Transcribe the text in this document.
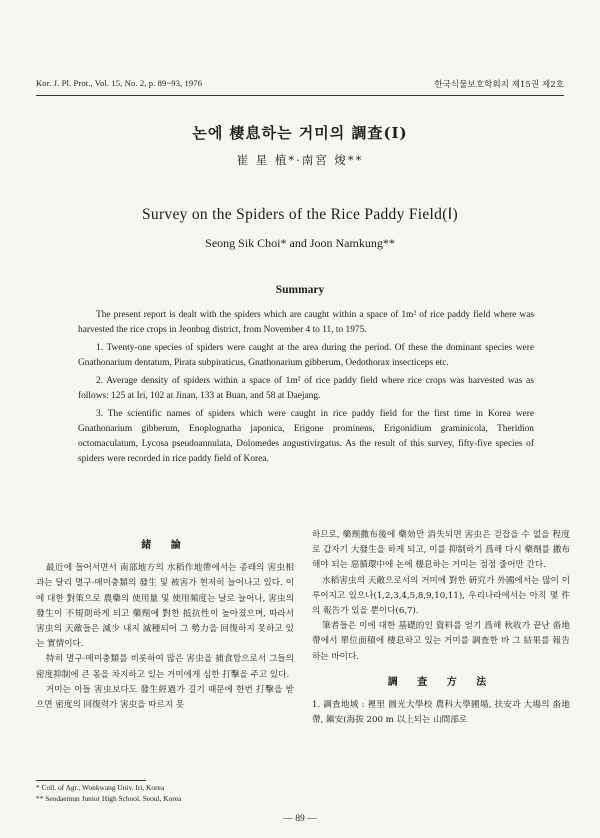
Kor. J. Pl. Prot., Vol. 15, No. 2, p. 89~93, 1976	한국식물보호학회지 제15권 제2호
논에 棲息하는 거미의 調査(Ⅰ)
崔 星 植*·南宮 焌**
Survey on the Spiders of the Rice Paddy Field(Ⅰ)
Seong Sik Choi* and Joon Namkung**
Summary

The present report is dealt with the spiders which are caught within a space of 1m² of rice paddy field where was harvested the rice crops in Jeonbug district, from November 4 to 11, to 1975.

1. Twenty-one species of spiders were caught at the area during the period. Of these the dominant species were Gnathonarium dentatum, Pirata subpiraticus, Gnathonarium gibberum, Oedothorax insecticeps etc.

2. Average density of spiders within a space of 1m² of rice paddy field where rice crops was harvested was as follows: 125 at Iri, 102 at Jinan, 133 at Buan, and 58 at Daejang.

3. The scientific names of spiders which were caught in rice paddy field for the first time in Korea were Gnathonarium gibberum, Enoplognatha japonica, Erigone prominens, Erigonidium graminicola, Theridion octomaculatum, Lycosa pseudoannulata, Dolomedes angustivirgatus. As the result of this survey, fifty-five species of spiders were recorded in rice paddy field of Korea.

緒 論

最近에 들어서면서 南部地方의 水稻作地帶에서는 종래의 害虫相과는 달리 멸구·매미충類의 發生 및 被害가 현저히 늘어나고 있다. 이에 대한 對策으로 農藥의 使用量 및 使用頻度는 날로 늘어나, 害虫의 發生이 不規則하게 되고 藥劑에 對한 抵抗性이 높아졌으며, 따라서 害虫의 天敵들은 減少 내지 滅種되어 그 勢力을 回復하지 못하고 있는 實情이다.

特히 멸구·매미충類를 비롯하여 많은 害虫을 捕食함으로서 그들의 密度抑制에 큰 몫을 차지하고 있는 거미에게 심한 打擊을 주고 있다.

거미는 이들 害虫보다도 發生經過가 길기 때문에 한번 打擊을 받으면 密度의 回復력가 害虫을 따르지 못

하므로, 藥劑撒布後에 藥効만 消失되면 害虫은 걷잡을 수 없을 程度로 갑자기 大發生을 하게 되고, 이를 抑制하기 爲해 다시 藥劑를 撒布해야 되는 惡循環中에 논에 棲息하는 거미는 점점 줄어만 간다.

水稻害虫의 天敵으로서의 거미에 對한 硏究가 外國에서는 많이 이루어지고 있으나(1,2,3,4,5,8,9,10,11), 우리나라에서는 아직 몇 件의 報告가 있을 뿐이다(6,7).

筆者들은 이에 대한 基礎的인 資料를 얻기 爲해 秋收가 끝난 畓地帶에서 單位面積에 棲息하고 있는 거미를 調査한 바 그 結果를 報告하는 바이다.

調 査 方 法

1. 調査地域 : 裡里 圓光大學校 農科大學圃場, 扶安과 大場의 畓地帶, 鎭安(海拔 200 m 以上되는 山間部로

* Coll. of Agr., Wonkwang Univ. Iri, Korea
** Seodaemun Junior High School. Seoul, Korea
— 89 —
